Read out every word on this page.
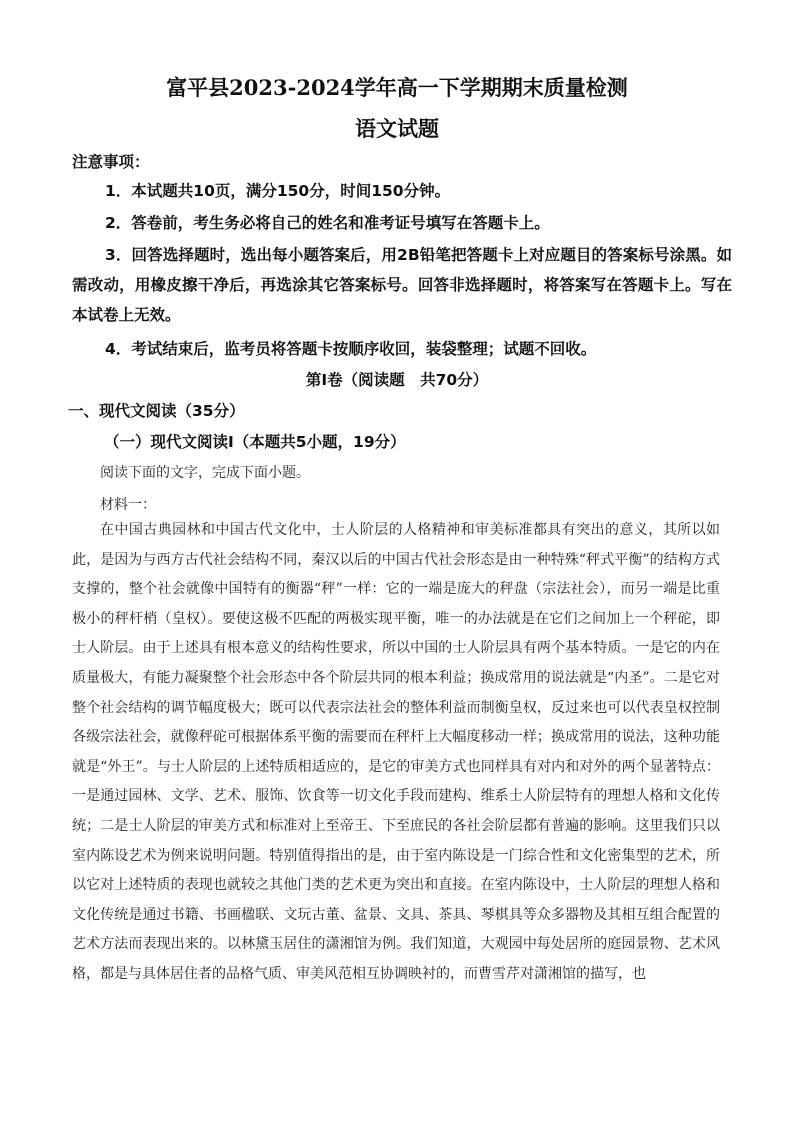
富平县2023-2024学年高一下学期期末质量检测
语文试题
注意事项：
1．本试题共10页，满分150分，时间150分钟。
2．答卷前，考生务必将自己的姓名和准考证号填写在答题卡上。
3．回答选择题时，选出每小题答案后，用2B铅笔把答题卡上对应题目的答案标号涂黑。如需改动，用橡皮擦干净后，再选涂其它答案标号。回答非选择题时，将答案写在答题卡上。写在本试卷上无效。
4．考试结束后，监考员将答题卡按顺序收回，装袋整理；试题不回收。
第Ⅰ卷（阅读题　共70分）
一、现代文阅读（35分）
（一）现代文阅读Ⅰ（本题共5小题，19分）
阅读下面的文字，完成下面小题。
材料一：
在中国古典园林和中国古代文化中，士人阶层的人格精神和审美标准都具有突出的意义，其所以如此，是因为与西方古代社会结构不同，秦汉以后的中国古代社会形态是由一种特殊“秤式平衡”的结构方式支撑的，整个社会就像中国特有的衡器“秤”一样：它的一端是庞大的秤盘（宗法社会），而另一端是比重极小的秤杆梢（皇权）。要使这极不匹配的两极实现平衡，唯一的办法就是在它们之间加上一个秤砣，即士人阶层。由于上述具有根本意义的结构性要求，所以中国的士人阶层具有两个基本特质。一是它的内在质量极大，有能力凝聚整个社会形态中各个阶层共同的根本利益；换成常用的说法就是“内圣”。二是它对整个社会结构的调节幅度极大；既可以代表宗法社会的整体利益而制衡皇权，反过来也可以代表皇权控制各级宗法社会，就像秤砣可根据体系平衡的需要而在秤杆上大幅度移动一样；换成常用的说法，这种功能就是“外王”。与士人阶层的上述特质相适应的，是它的审美方式也同样具有对内和对外的两个显著特点：一是通过园林、文学、艺术、服饰、饮食等一切文化手段而建构、维系士人阶层特有的理想人格和文化传统；二是士人阶层的审美方式和标准对上至帝王、下至庶民的各社会阶层都有普遍的影响。这里我们只以室内陈设艺术为例来说明问题。特别值得指出的是，由于室内陈设是一门综合性和文化密集型的艺术，所以它对上述特质的表现也就较之其他门类的艺术更为突出和直接。在室内陈设中，士人阶层的理想人格和文化传统是通过书籍、书画楹联、文玩古董、盆景、文具、茶具、琴棋具等众多器物及其相互组合配置的艺术方法而表现出来的。以林黛玉居住的潇湘馆为例。我们知道，大观园中每处居所的庭园景物、艺术风格，都是与具体居住者的品格气质、审美风范相互协调映衬的，而曹雪芹对潇湘馆的描写，也
